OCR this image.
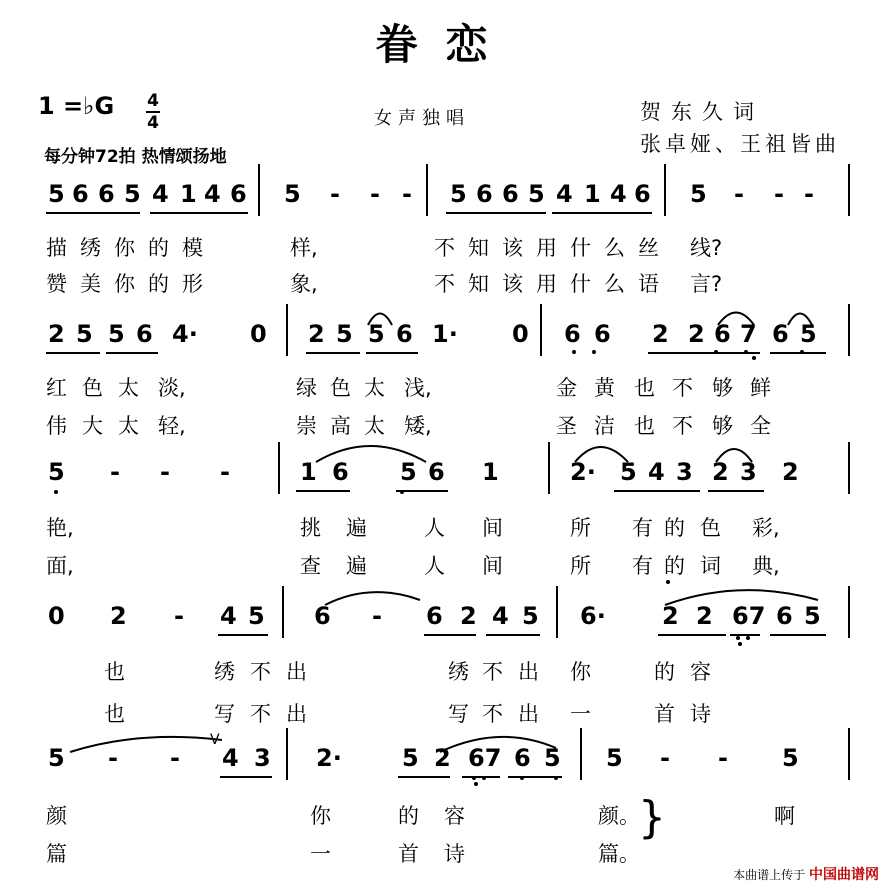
眷恋
1 =♭G 4
4
每分钟72拍 热情颂扬地
女声独唱	贺东久词
张卓娅、王祖皆曲
5 6 6 5 4 1 4 6 5 - - - 5 6 6 5 4 1 4 6 5 - - -
描 绣 你 的 模	样,	不 知 该 用 什 么 丝 线?
赞 美 你 的 形	象,	不 知 该 用 什 么 语 言?
2 5 5 6 4· 0 2 5 5 6 1· 0 6 6 2 2 6 7 6 5
红 色 太 淡,	绿 色 太 浅,	金 黄 也 不 够 鲜
伟 大 太 轻,	崇 高 太 矮,	圣 洁 也 不 够 全
5 - - -	1 6 5 6 1	2· 5 4 3 2 3 2
艳,	挑 遍	人 间	所 有 的 色 彩,
面,	查 遍	人 间	所 有 的 词 典,
0 2 - 4 5 6 - 6 2 4 5 6· 2 2 67 6 5
也	绣 不 出	绣 不 出 你	的 容
也	写 不 出	写 不 出 一	首 诗
5 - - 4 3 2·	5 2 67 6 5 5 - - 5
颜	你	的 容	颜。	啊
篇	一	首 诗	篇。
}
V
本曲谱上传于 中国曲谱网
